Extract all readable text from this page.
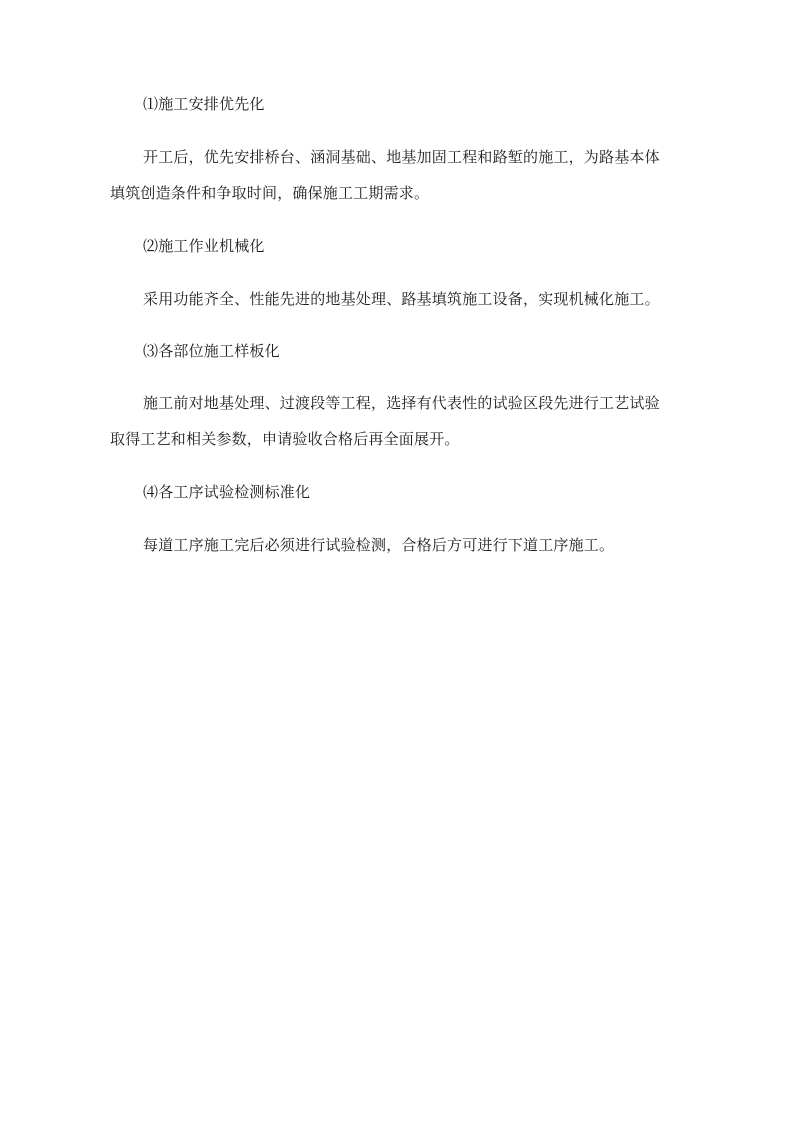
⑴施工安排优先化
开工后，优先安排桥台、涵洞基础、地基加固工程和路堑的施工，为路基本体
填筑创造条件和争取时间，确保施工工期需求。
⑵施工作业机械化
采用功能齐全、性能先进的地基处理、路基填筑施工设备，实现机械化施工。
⑶各部位施工样板化
施工前对地基处理、过渡段等工程，选择有代表性的试验区段先进行工艺试验
取得工艺和相关参数，申请验收合格后再全面展开。
⑷各工序试验检测标准化
每道工序施工完后必须进行试验检测，合格后方可进行下道工序施工。
